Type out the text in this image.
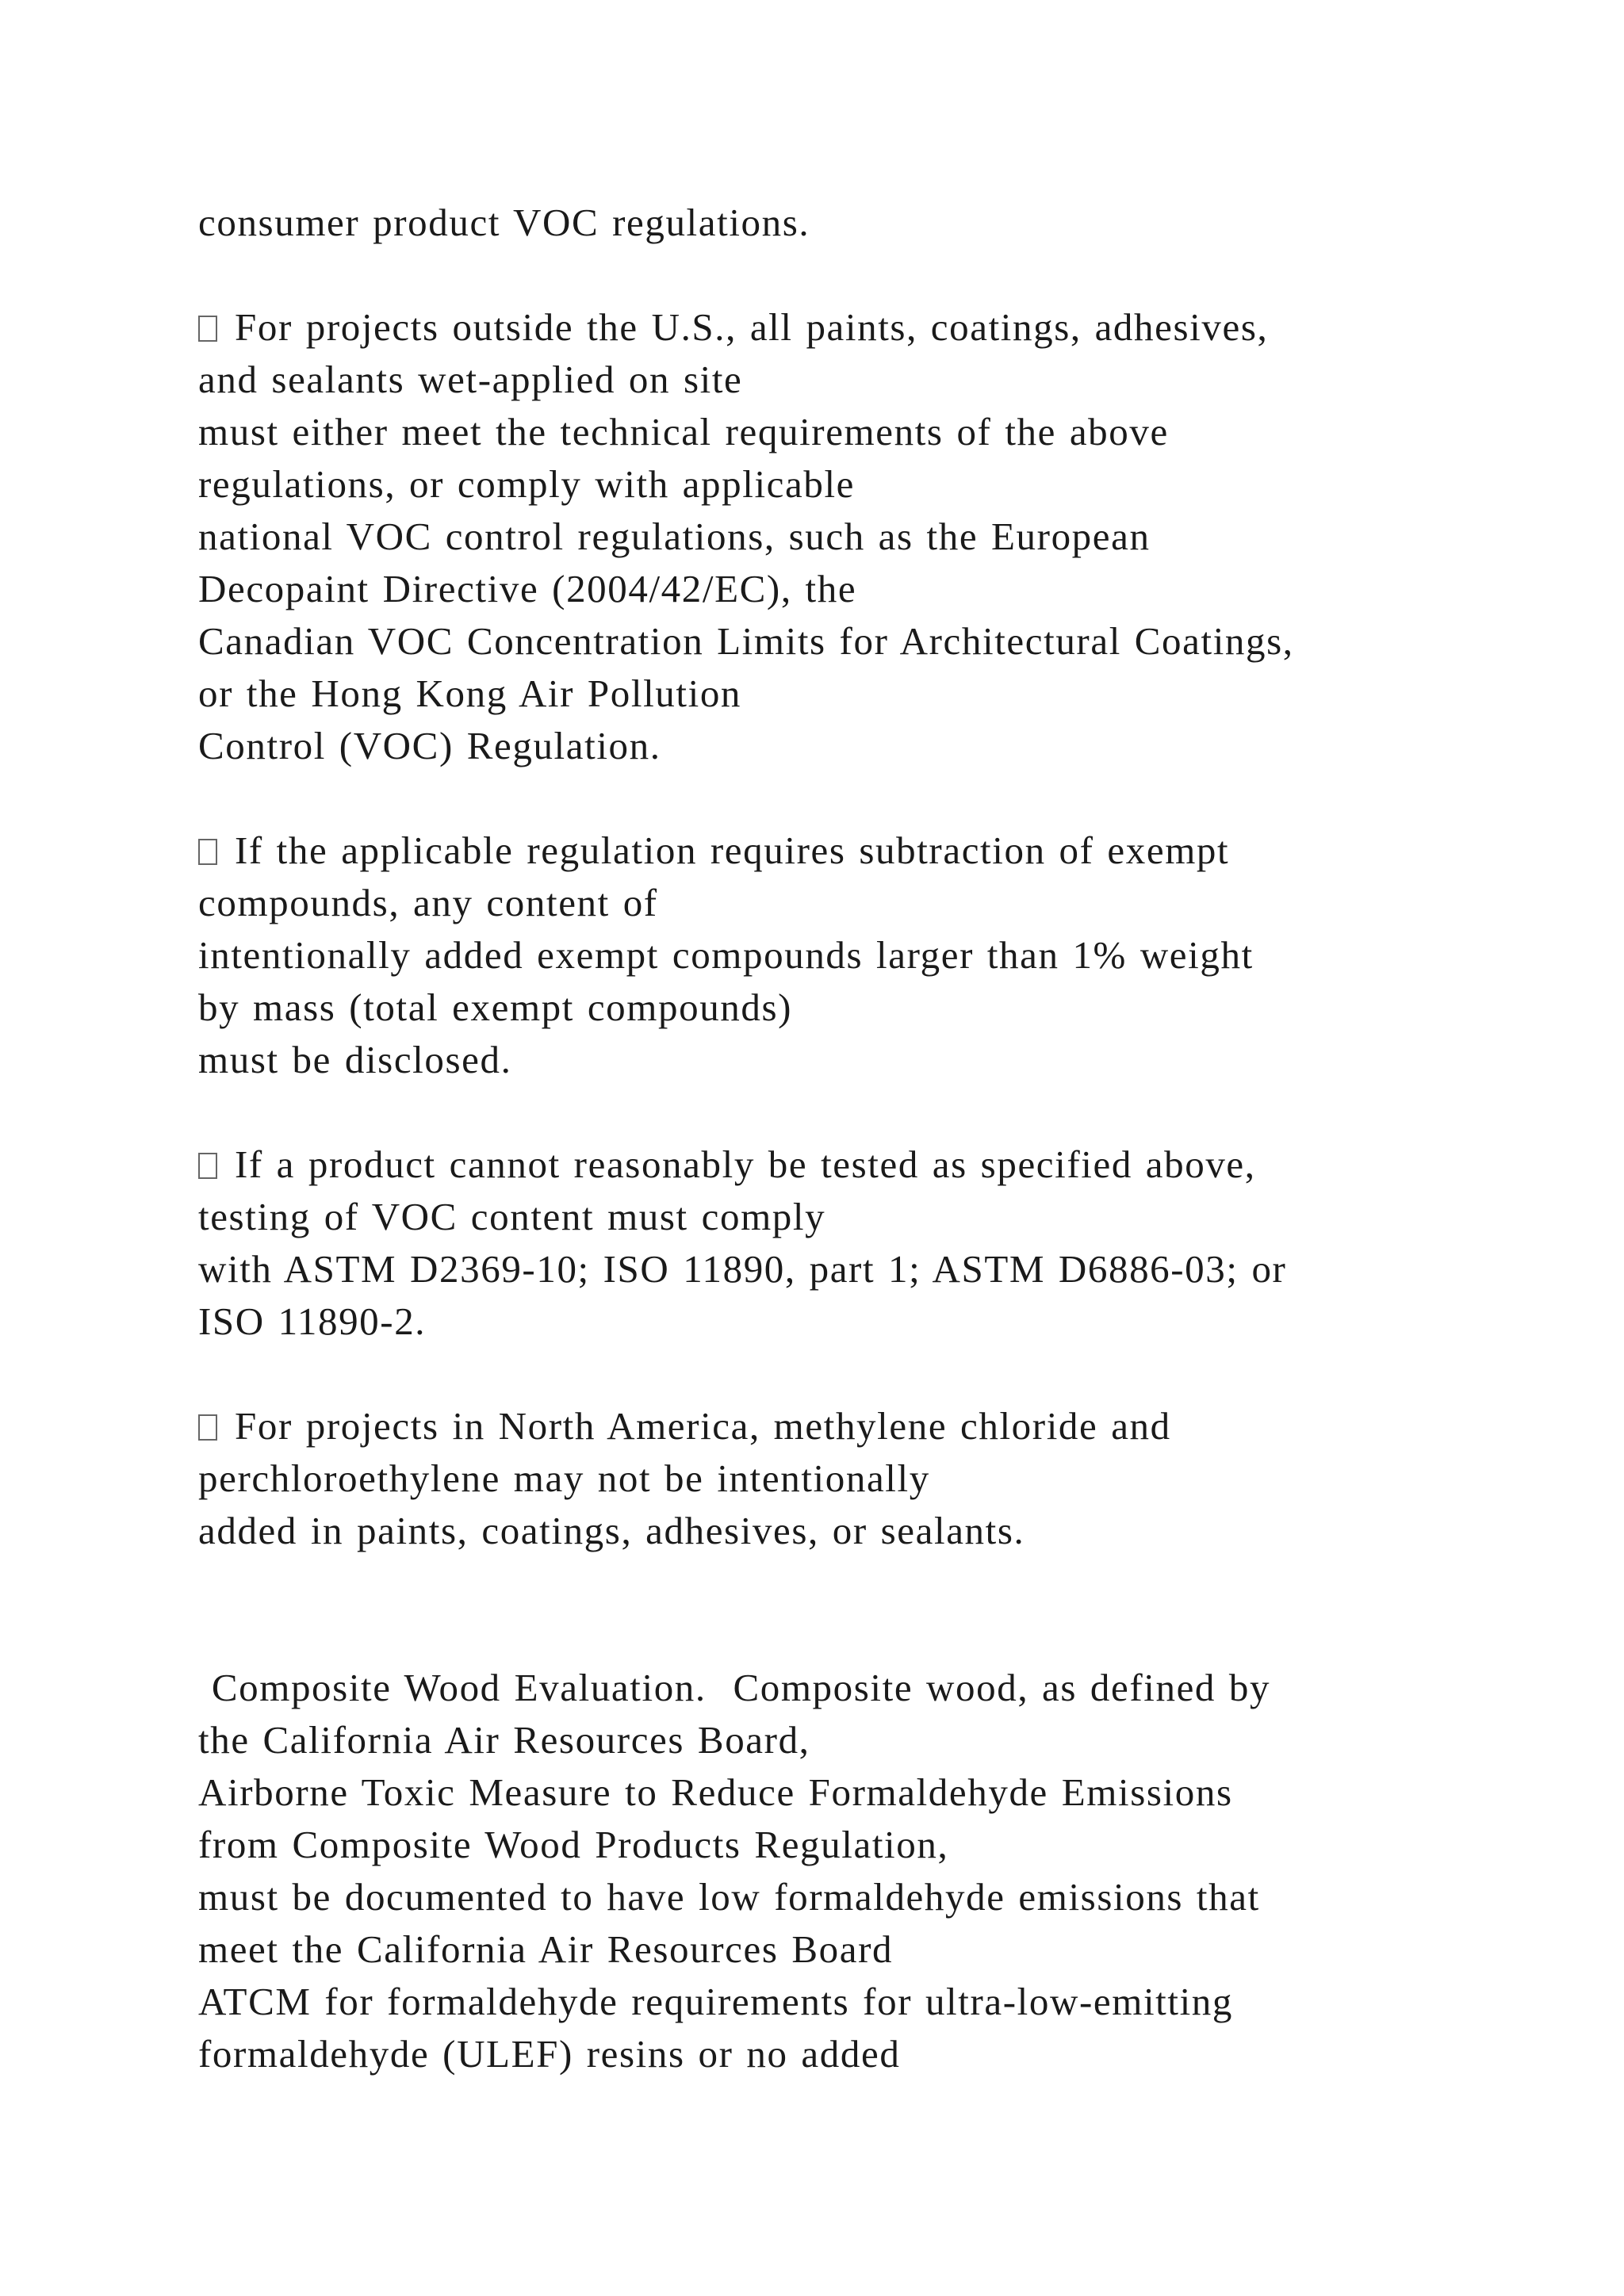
consumer product VOC regulations.
For projects outside the U.S., all paints, coatings, adhesives,
and sealants wet-applied on site
must either meet the technical requirements of the above
regulations, or comply with applicable
national VOC control regulations, such as the European
Decopaint Directive (2004/42/EC), the
Canadian VOC Concentration Limits for Architectural Coatings,
or the Hong Kong Air Pollution
Control (VOC) Regulation.
If the applicable regulation requires subtraction of exempt
compounds, any content of
intentionally added exempt compounds larger than 1% weight
by mass (total exempt compounds)
must be disclosed.
If a product cannot reasonably be tested as specified above,
testing of VOC content must comply
with ASTM D2369-10; ISO 11890, part 1; ASTM D6886-03; or
ISO 11890-2.
For projects in North America, methylene chloride and
perchloroethylene may not be intentionally
added in paints, coatings, adhesives, or sealants.
Composite Wood Evaluation.  Composite wood, as defined by
the California Air Resources Board,
Airborne Toxic Measure to Reduce Formaldehyde Emissions
from Composite Wood Products Regulation,
must be documented to have low formaldehyde emissions that
meet the California Air Resources Board
ATCM for formaldehyde requirements for ultra-low-emitting
formaldehyde (ULEF) resins or no added
